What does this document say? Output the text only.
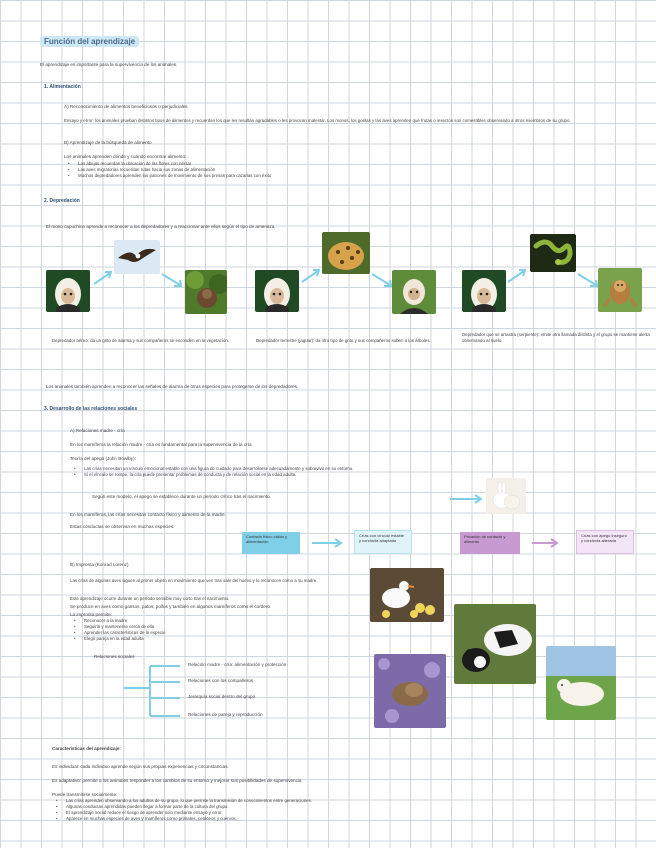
Función del aprendizaje
El aprendizaje es importante para la supervivencia de los animales.
1. Alimentación
A) Reconocimiento de alimentos beneficiosos o perjudiciales
Ensayo y error: los animales prueban distintos tipos de alimentos y recuerdan los que les resultan agradables o les provocan malestar. Los monos, los gorilas y las aves aprenden qué frutas o insectos son comestibles observando a otros miembros de su grupo.
B) Aprendizaje de la búsqueda de alimento
Los animales aprenden dónde y cuándo encontrar alimento:
• Las abejas recuerdan la ubicación de las flores con néctar
• Las aves migratorias recuerdan rutas hacia sus zonas de alimentación
• Muchos depredadores aprenden los patrones de movimiento de sus presas para cazarlas con éxito
2. Depredación
El mono capuchino aprende a reconocer a los depredadores y a reaccionar ante ellos según el tipo de amenaza.
Depredador aéreo: da un grito de alarma y sus compañeros se esconden en la vegetación.	Depredador terrestre (jaguar): da otro tipo de grito y sus compañeros suben a los árboles.
Depredador que se arrastra (serpiente): emite otra llamada distinta y el grupo se mantiene alerta observando al suelo.
Los animales también aprenden a reconocer las señales de alarma de otras especies para protegerse de los depredadores.
3. Desarrollo de las relaciones sociales
A) Relaciones madre - cría
En los mamíferos la relación madre - cría es fundamental para la supervivencia de la cría.
Teoría del apego (John Bowlby):
• Las crías necesitan un vínculo emocional estable con una figura de cuidado para desarrollarse adecuadamente y sobrevivir en su entorno.
• Si el vínculo se rompe, la cría puede presentar problemas de conducta y de relación social en la edad adulta.
Según este modelo, el apego se establece durante un período crítico tras el nacimiento.
En los mamíferos, las crías necesitan contacto físico y alimento de la madre.
Estas conductas se observan en muchas especies:
Contacto físico cálido y alimentación
Crías con vínculo estable y conducta adaptada
Privación de contacto y alimento
Crías con apego inseguro y conducta alterada
B) Impronta (Konrad Lorenz)
Las crías de algunas aves siguen al primer objeto en movimiento que ven tras salir del huevo y lo reconocen como a su madre.
Este aprendizaje ocurre durante un período sensible muy corto tras el nacimiento.
Se produce en aves como gansos, patos, pollos y también en algunos mamíferos como el cordero.
La impronta permite:
• Reconocer a la madre
• Seguirla y mantenerse cerca de ella
• Aprender las características de la especie
• Elegir pareja en la edad adulta
Relaciones sociales
Relación madre - cría: alimentación y protección
Relaciones con los compañeros
Jerarquía social dentro del grupo
Relaciones de pareja y reproducción
Características del aprendizaje:
Es individual: cada individuo aprende según sus propias experiencias y circunstancias.
Es adaptativo: permite a los animales responder a los cambios de su entorno y mejorar sus posibilidades de supervivencia.
Puede transmitirse socialmente:
• Las crías aprenden observando a los adultos de su grupo, lo que permite la transmisión de conocimientos entre generaciones.
• Algunas conductas aprendidas pueden llegar a formar parte de la cultura del grupo.
• El aprendizaje social reduce el riesgo de aprender solo mediante ensayo y error.
• Aparece en muchas especies de aves y mamíferos como primates, cetáceos y cuervos.
